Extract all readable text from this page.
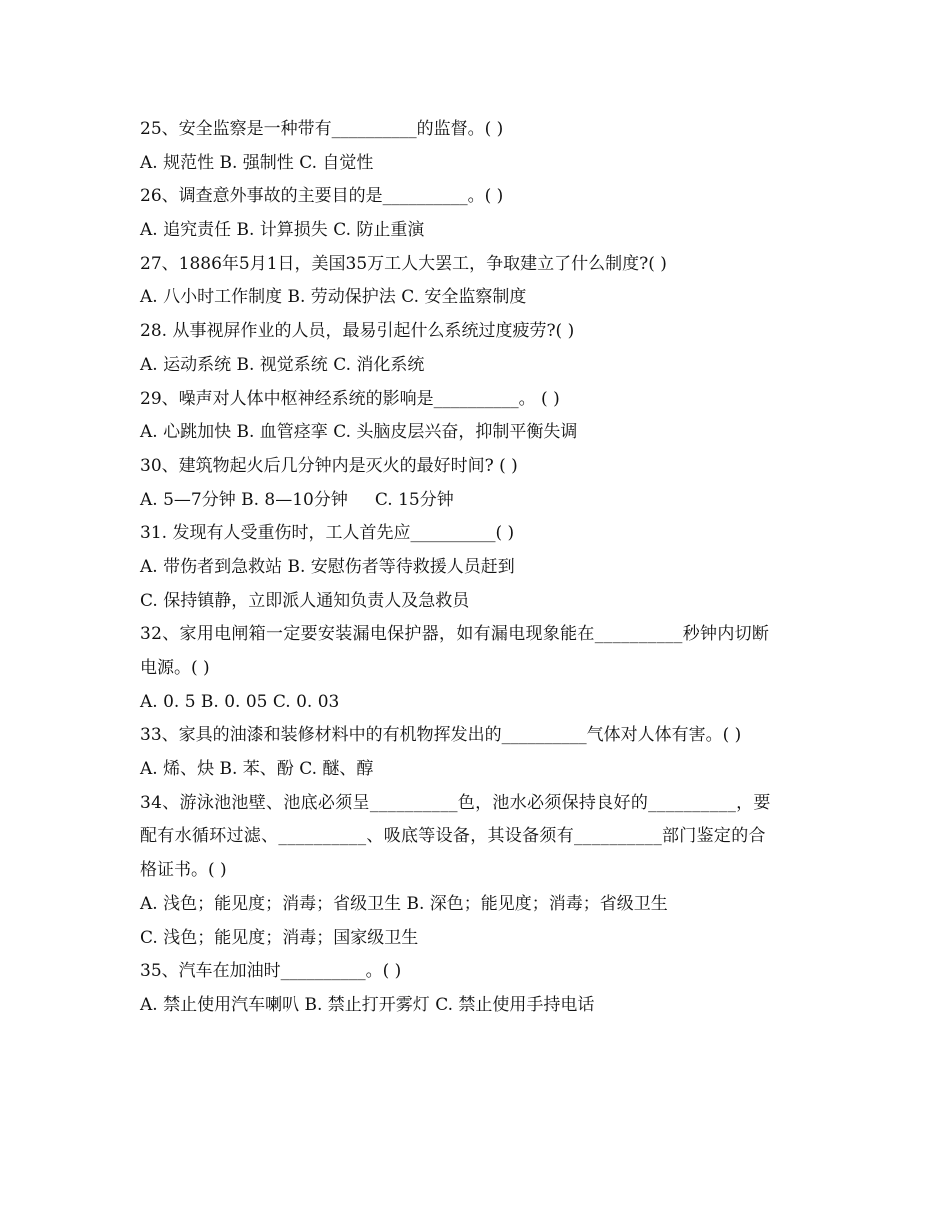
25、安全监察是一种带有__________的监督。( )
A. 规范性 B. 强制性 C. 自觉性
26、调查意外事故的主要目的是__________。( )
A. 追究责任 B. 计算损失 C. 防止重演
27、1886年5月1日，美国35万工人大罢工，争取建立了什么制度?( )
A. 八小时工作制度 B. 劳动保护法 C. 安全监察制度
28. 从事视屏作业的人员，最易引起什么系统过度疲劳?( )
A. 运动系统 B. 视觉系统 C. 消化系统
29、噪声对人体中枢神经系统的影响是__________。 ( )
A. 心跳加快 B. 血管痉挛 C. 头脑皮层兴奋，抑制平衡失调
30、建筑物起火后几分钟内是灭火的最好时间? ( )
A. 5—7分钟 B. 8—10分钟     C. 15分钟
31. 发现有人受重伤时，工人首先应__________( )
A. 带伤者到急救站 B. 安慰伤者等待救援人员赶到
C. 保持镇静，立即派人通知负责人及急救员
32、家用电闸箱一定要安装漏电保护器，如有漏电现象能在__________秒钟内切断
电源。( )
A. 0. 5 B. 0. 05 C. 0. 03
33、家具的油漆和装修材料中的有机物挥发出的__________气体对人体有害。( )
A. 烯、炔 B. 苯、酚 C. 醚、醇
34、游泳池池壁、池底必须呈__________色，池水必须保持良好的__________，要
配有水循环过滤、__________、吸底等设备，其设备须有__________部门鉴定的合
格证书。( )
A. 浅色；能见度；消毒；省级卫生 B. 深色；能见度；消毒；省级卫生
C. 浅色；能见度；消毒；国家级卫生
35、汽车在加油时__________。( )
A. 禁止使用汽车喇叭 B. 禁止打开雾灯 C. 禁止使用手持电话
